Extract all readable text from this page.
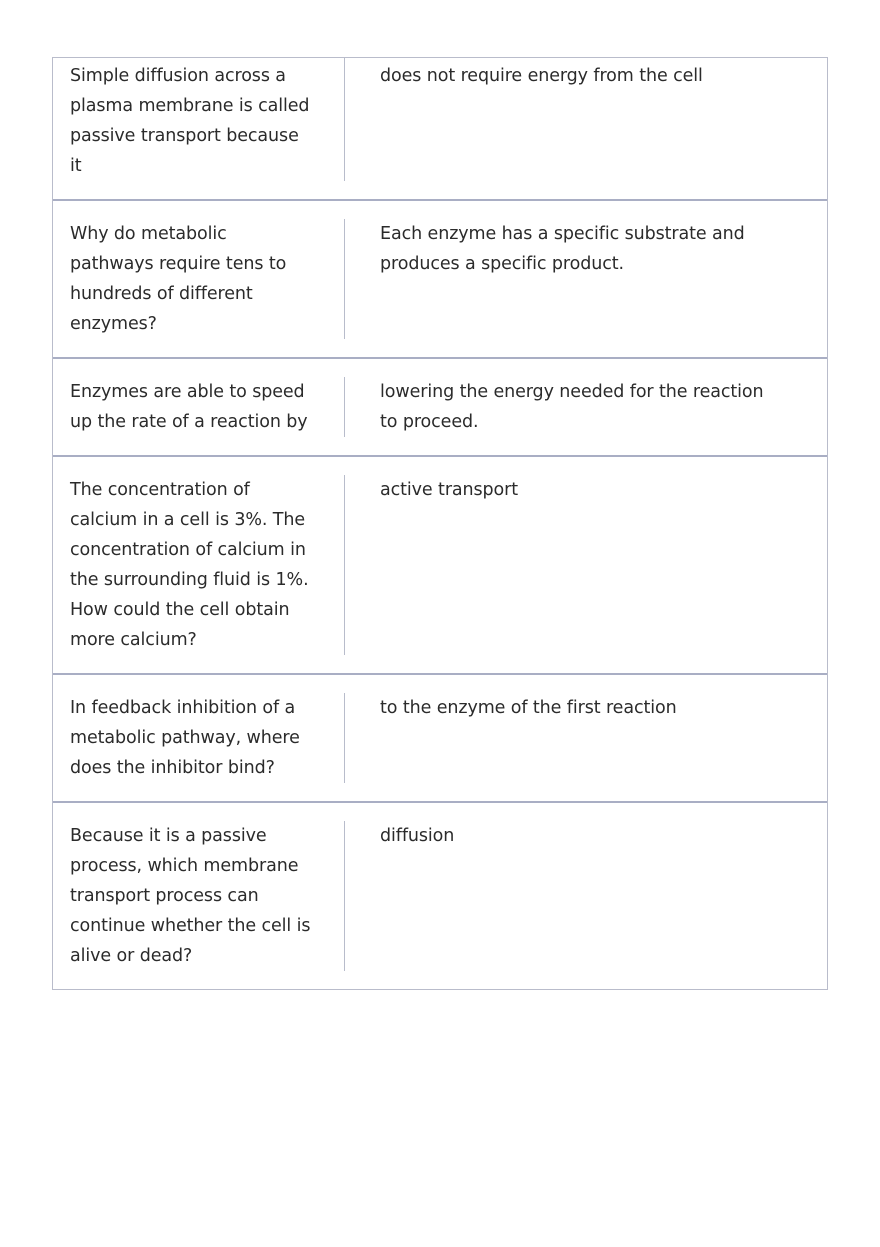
Simple diffusion across a
plasma membrane is called
passive transport because
it
does not require energy from the cell
Why do metabolic
pathways require tens to
hundreds of different
enzymes?
Each enzyme has a specific substrate and
produces a specific product.
Enzymes are able to speed
up the rate of a reaction by
lowering the energy needed for the reaction
to proceed.
The concentration of
calcium in a cell is 3%. The
concentration of calcium in
the surrounding fluid is 1%.
How could the cell obtain
more calcium?
active transport
In feedback inhibition of a
metabolic pathway, where
does the inhibitor bind?
to the enzyme of the first reaction
Because it is a passive
process, which membrane
transport process can
continue whether the cell is
alive or dead?
diffusion
